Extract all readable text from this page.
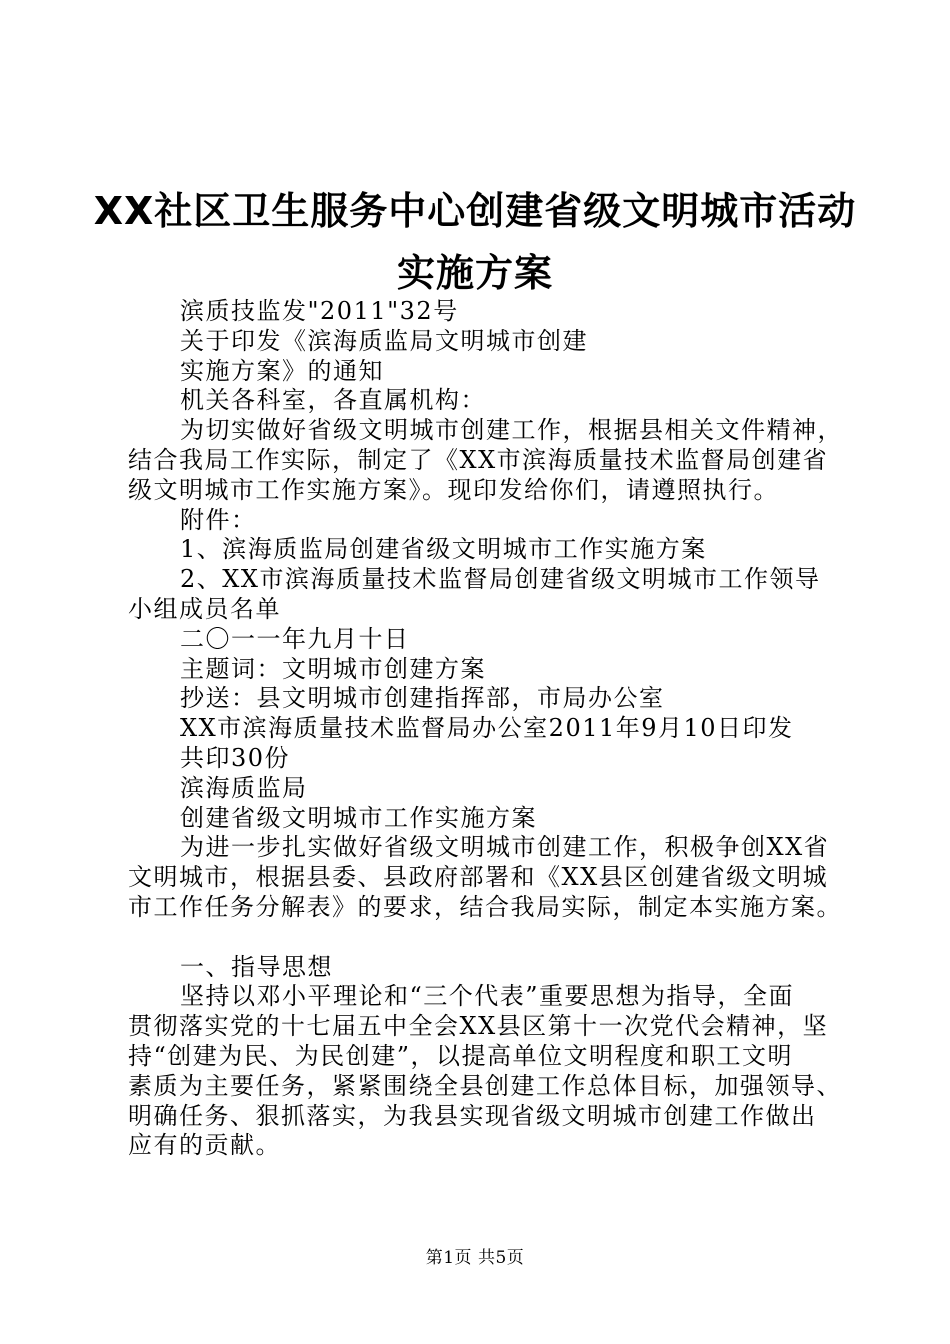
XX社区卫生服务中心创建省级文明城市活动
实施方案
滨质技监发"2011"32号
关于印发《滨海质监局文明城市创建
实施方案》的通知
机关各科室，各直属机构：
为切实做好省级文明城市创建工作，根据县相关文件精神，
结合我局工作实际，制定了《XX市滨海质量技术监督局创建省
级文明城市工作实施方案》。现印发给你们，请遵照执行。
附件：
1、滨海质监局创建省级文明城市工作实施方案
2、XX市滨海质量技术监督局创建省级文明城市工作领导
小组成员名单
二〇一一年九月十日
主题词：文明城市创建方案
抄送：县文明城市创建指挥部，市局办公室
XX市滨海质量技术监督局办公室2011年9月10日印发
共印30份
滨海质监局
创建省级文明城市工作实施方案
为进一步扎实做好省级文明城市创建工作，积极争创XX省
文明城市，根据县委、县政府部署和《XX县区创建省级文明城
市工作任务分解表》的要求，结合我局实际，制定本实施方案。
一、指导思想
坚持以邓小平理论和“三个代表”重要思想为指导，全面
贯彻落实党的十七届五中全会XX县区第十一次党代会精神，坚
持“创建为民、为民创建”，以提高单位文明程度和职工文明
素质为主要任务，紧紧围绕全县创建工作总体目标，加强领导、
明确任务、狠抓落实，为我县实现省级文明城市创建工作做出
应有的贡献。
第1页 共5页
